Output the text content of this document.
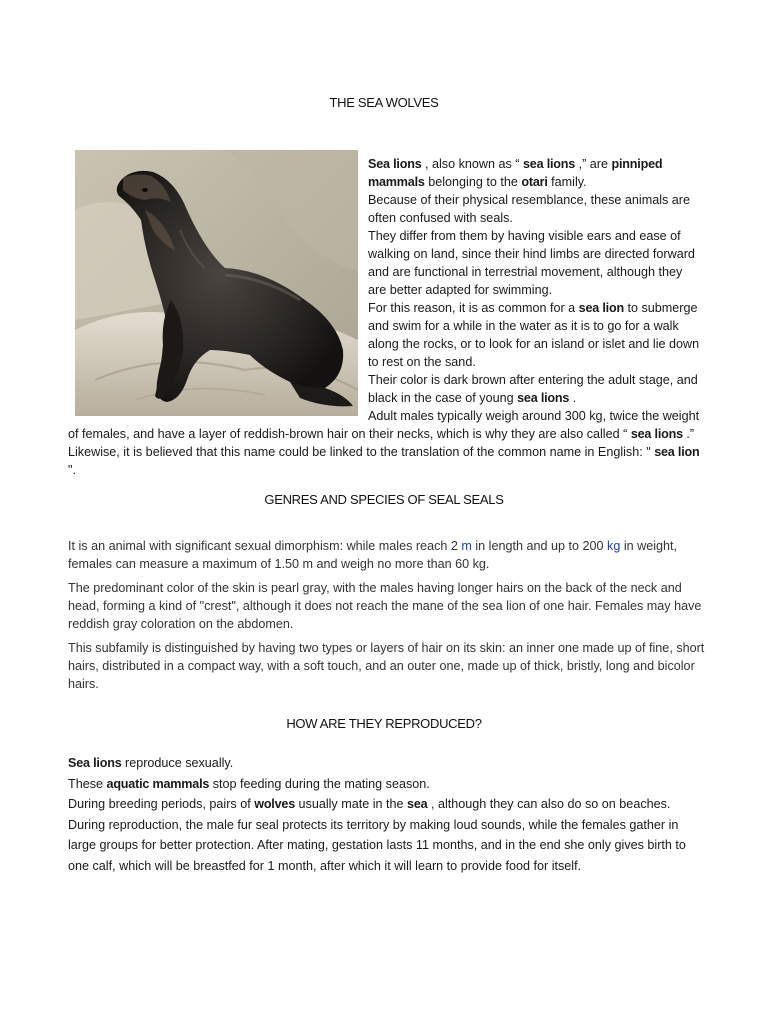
THE SEA WOLVES

Sea lions , also known as “ sea lions ,” are pinniped mammals belonging to the otari family.

Because of their physical resemblance, these animals are often confused with seals.

They differ from them by having visible ears and ease of walking on land, since their hind limbs are directed forward and are functional in terrestrial movement, although they are better adapted for swimming.

For this reason, it is as common for a sea lion to submerge and swim for a while in the water as it is to go for a walk along the rocks, or to look for an island or islet and lie down to rest on the sand.

Their color is dark brown after entering the adult stage, and black in the case of young sea lions .

Adult males typically weigh around 300 kg, twice the weight of females, and have a layer of reddish-brown hair on their necks, which is why they are also called “ sea lions .” Likewise, it is believed that this name could be linked to the translation of the common name in English: " sea lion ".

GENRES AND SPECIES OF SEAL SEALS

It is an animal with significant sexual dimorphism: while males reach 2 m in length and up to 200 kg in weight, females can measure a maximum of 1.50 m and weigh no more than 60 kg.

The predominant color of the skin is pearl gray, with the males having longer hairs on the back of the neck and head, forming a kind of "crest", although it does not reach the mane of the sea lion of one hair. Females may have reddish gray coloration on the abdomen.

This subfamily is distinguished by having two types or layers of hair on its skin: an inner one made up of fine, short hairs, distributed in a compact way, with a soft touch, and an outer one, made up of thick, bristly, long and bicolor hairs.

HOW ARE THEY REPRODUCED?

Sea lions reproduce sexually.

These aquatic mammals stop feeding during the mating season.

During breeding periods, pairs of wolves usually mate in the sea , although they can also do so on beaches.

During reproduction, the male fur seal protects its territory by making loud sounds, while the females gather in large groups for better protection. After mating, gestation lasts 11 months, and in the end she only gives birth to one calf, which will be breastfed for 1 month, after which it will learn to provide food for itself.
